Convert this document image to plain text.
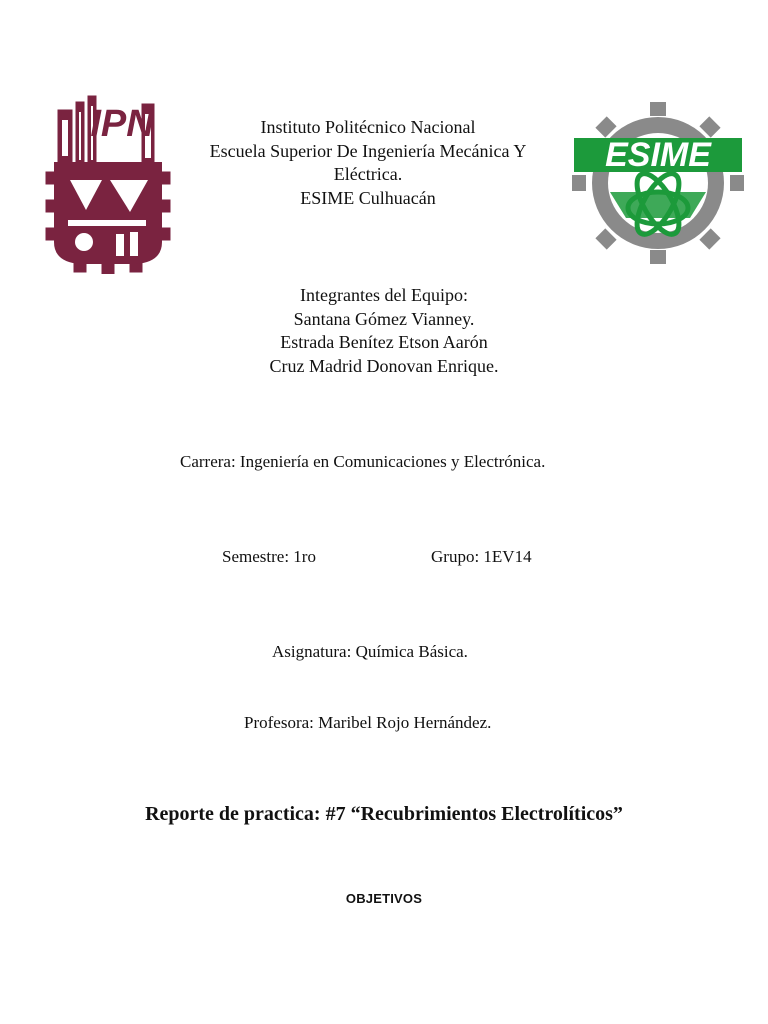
IPN
ESIME
Instituto Politécnico Nacional
Escuela Superior De Ingeniería Mecánica Y
Eléctrica.
ESIME Culhuacán
Integrantes del Equipo:
Santana Gómez Vianney.
Estrada Benítez Etson Aarón
Cruz Madrid Donovan Enrique.
Carrera: Ingeniería en Comunicaciones y Electrónica.
Semestre: 1ro	Grupo: 1EV14
Asignatura: Química Básica.
Profesora: Maribel Rojo Hernández.
Reporte de practica: #7 “Recubrimientos Electrolíticos”
OBJETIVOS
